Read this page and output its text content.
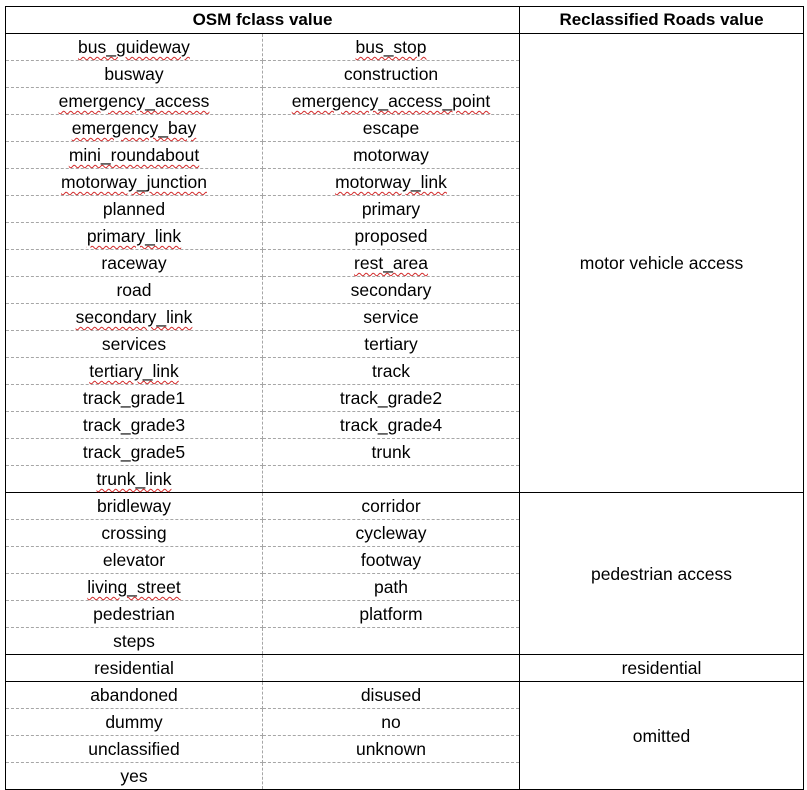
OSM fclass value		Reclassified Roads value
bus_guideway	bus_stop	motor vehicle access
busway	construction	
emergency_access	emergency_access_point	
emergency_bay	escape	
mini_roundabout	motorway	
motorway_junction	motorway_link	
planned	primary	
primary_link	proposed	
raceway	rest_area	
road	secondary	
secondary_link	service	
services	tertiary	
tertiary_link	track	
track_grade1	track_grade2	
track_grade3	track_grade4	
track_grade5	trunk	
trunk_link		
bridleway	corridor	pedestrian access
crossing	cycleway	
elevator	footway	
living_street	path	
pedestrian	platform	
steps		
residential		residential
abandoned	disused	omitted
dummy	no	
unclassified	unknown	
yes		
